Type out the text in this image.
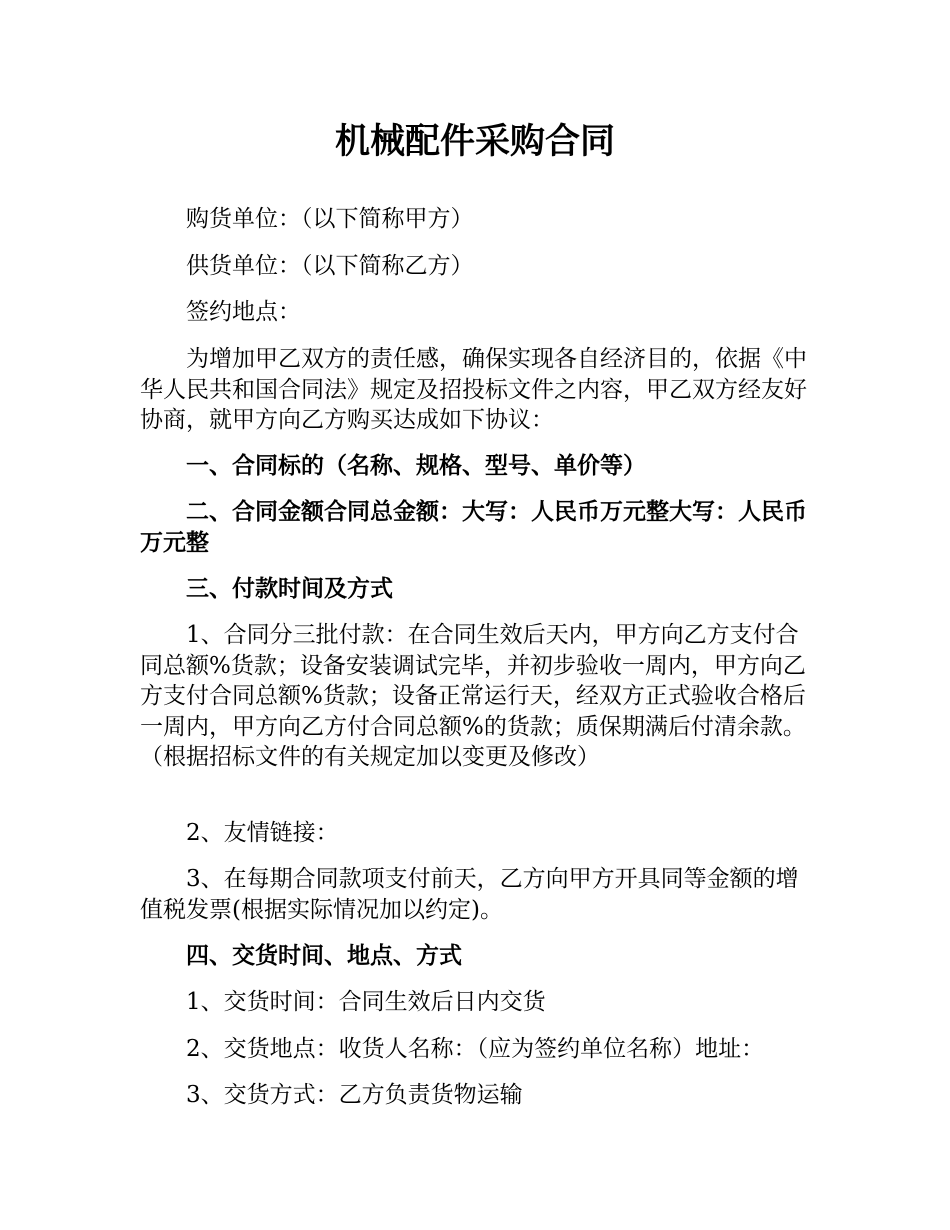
机械配件采购合同

购货单位：（以下简称甲方）

供货单位：（以下简称乙方）

签约地点：

为增加甲乙双方的责任感，确保实现各自经济目的，依据《中华人民共和国合同法》规定及招投标文件之内容，甲乙双方经友好协商，就甲方向乙方购买达成如下协议：

一、合同标的（名称、规格、型号、单价等）

二、合同金额合同总金额：大写：人民币万元整大写：人民币万元整

三、付款时间及方式

1、合同分三批付款：在合同生效后天内，甲方向乙方支付合同总额%货款；设备安装调试完毕，并初步验收一周内，甲方向乙方支付合同总额%货款；设备正常运行天，经双方正式验收合格后一周内，甲方向乙方付合同总额%的货款；质保期满后付清余款。（根据招标文件的有关规定加以变更及修改）

2、友情链接：

3、在每期合同款项支付前天，乙方向甲方开具同等金额的增值税发票(根据实际情况加以约定)。

四、交货时间、地点、方式

1、交货时间：合同生效后日内交货

2、交货地点：收货人名称：（应为签约单位名称）地址：

3、交货方式：乙方负责货物运输
